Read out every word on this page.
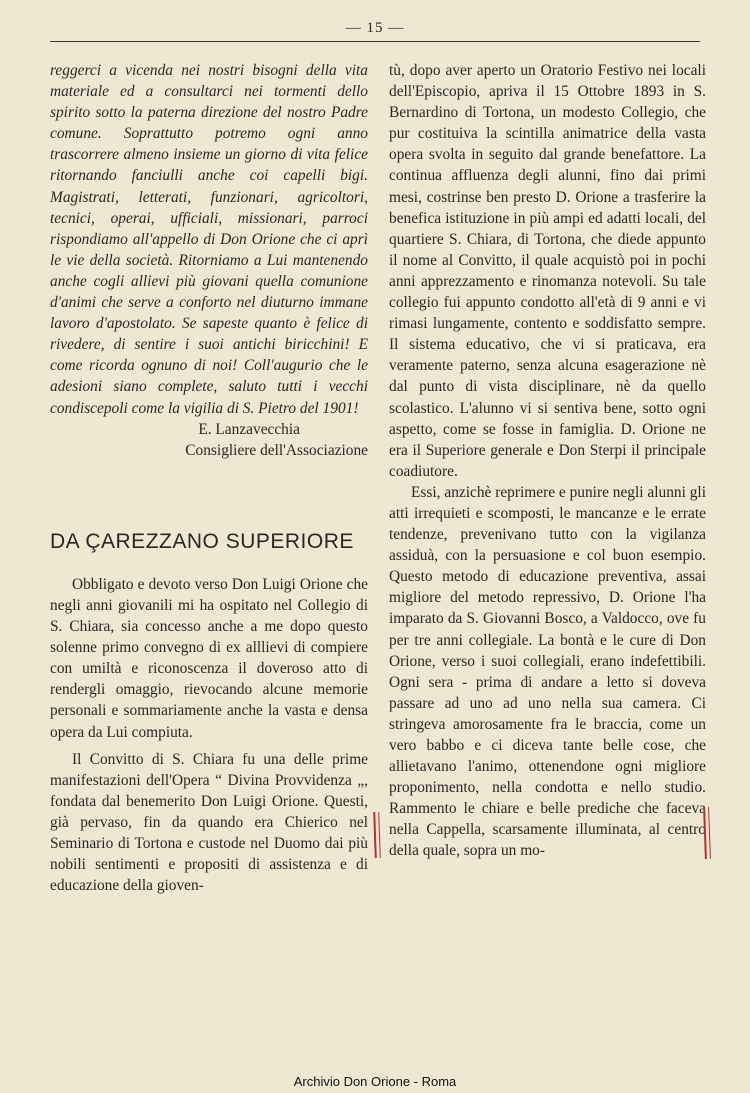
— 15 —

reggerci a vicenda nei nostri bisogni della vita materiale ed a consultarci nei tormenti dello spirito sotto la paterna direzione del nostro Padre comune. Soprattutto potremo ogni anno trascorrere almeno insieme un giorno di vita felice ritornando fanciulli anche coi capelli bigi. Magistrati, letterati, funzionari, agricoltori, tecnici, operai, ufficiali, missionari, parroci rispondiamo all'appello di Don Orione che ci aprì le vie della società. Ritorniamo a Lui mantenendo anche cogli allievi più giovani quella comunione d'animi che serve a conforto nel diuturno immane lavoro d'apostolato. Se sapeste quanto è felice di rivedere, di sentire i suoi antichi biricchini! E come ricorda ognuno di noi! Coll'augurio che le adesioni siano complete, saluto tutti i vecchi condiscepoli come la vigilia di S. Pietro del 1901!

E. Lanzavecchia

Consigliere dell'Associazione

DA ÇAREZZANO SUPERIORE

Obbligato e devoto verso Don Luigi Orione che negli anni giovanili mi ha ospitato nel Collegio di S. Chiara, sia concesso anche a me dopo questo solenne primo convegno di ex alllievi di compiere con umiltà e riconoscenza il doveroso atto di rendergli omaggio, rievocando alcune memorie personali e sommariamente anche la vasta e densa opera da Lui compiuta.

Il Convitto di S. Chiara fu una delle prime manifestazioni dell'Opera “ Divina Provvidenza „, fondata dal benemerito Don Luigi Orione. Questi, già pervaso, fin da quando era Chierico nel Seminario di Tortona e custode nel Duomo dai più nobili sentimenti e propositi di assistenza e di educazione della gioven-

tù, dopo aver aperto un Oratorio Festivo nei locali dell'Episcopio, apriva il 15 Ottobre 1893 in S. Bernardino di Tortona, un modesto Collegio, che pur costituiva la scintilla animatrice della vasta opera svolta in seguito dal grande benefattore. La continua affluenza degli alunni, fino dai primi mesi, costrinse ben presto D. Orione a trasferire la benefica istituzione in più ampi ed adatti locali, del quartiere S. Chiara, di Tortona, che diede appunto il nome al Convitto, il quale acquistò poi in pochi anni apprezzamento e rinomanza notevoli. Su tale collegio fui appunto condotto all'età di 9 anni e vi rimasi lungamente, contento e soddisfatto sempre. Il sistema educativo, che vi si praticava, era veramente paterno, senza alcuna esagerazione nè dal punto di vista disciplinare, nè da quello scolastico. L'alunno vi si sentiva bene, sotto ogni aspetto, come se fosse in famiglia. D. Orione ne era il Superiore generale e Don Sterpi il principale coadiutore.

Essi, anzichè reprimere e punire negli alunni gli atti irrequieti e scomposti, le mancanze e le errate tendenze, prevenivano tutto con la vigilanza assiduà, con la persuasione e col buon esempio. Questo metodo di educazione preventiva, assai migliore del metodo repressivo, D. Orione l'ha imparato da S. Giovanni Bosco, a Valdocco, ove fu per tre anni collegiale. La bontà e le cure di Don Orione, verso i suoi collegiali, erano indefettibili. Ogni sera - prima di andare a letto si doveva passare ad uno ad uno nella sua camera. Ci stringeva amorosamente fra le braccia, come un vero babbo e ci diceva tante belle cose, che allietavano l'animo, ottenendone ogni migliore proponimento, nella condotta e nello studio. Rammento le chiare e belle prediche che faceva nella Cappella, scarsamente illuminata, al centro della quale, sopra un mo-

Archivio Don Orione - Roma
